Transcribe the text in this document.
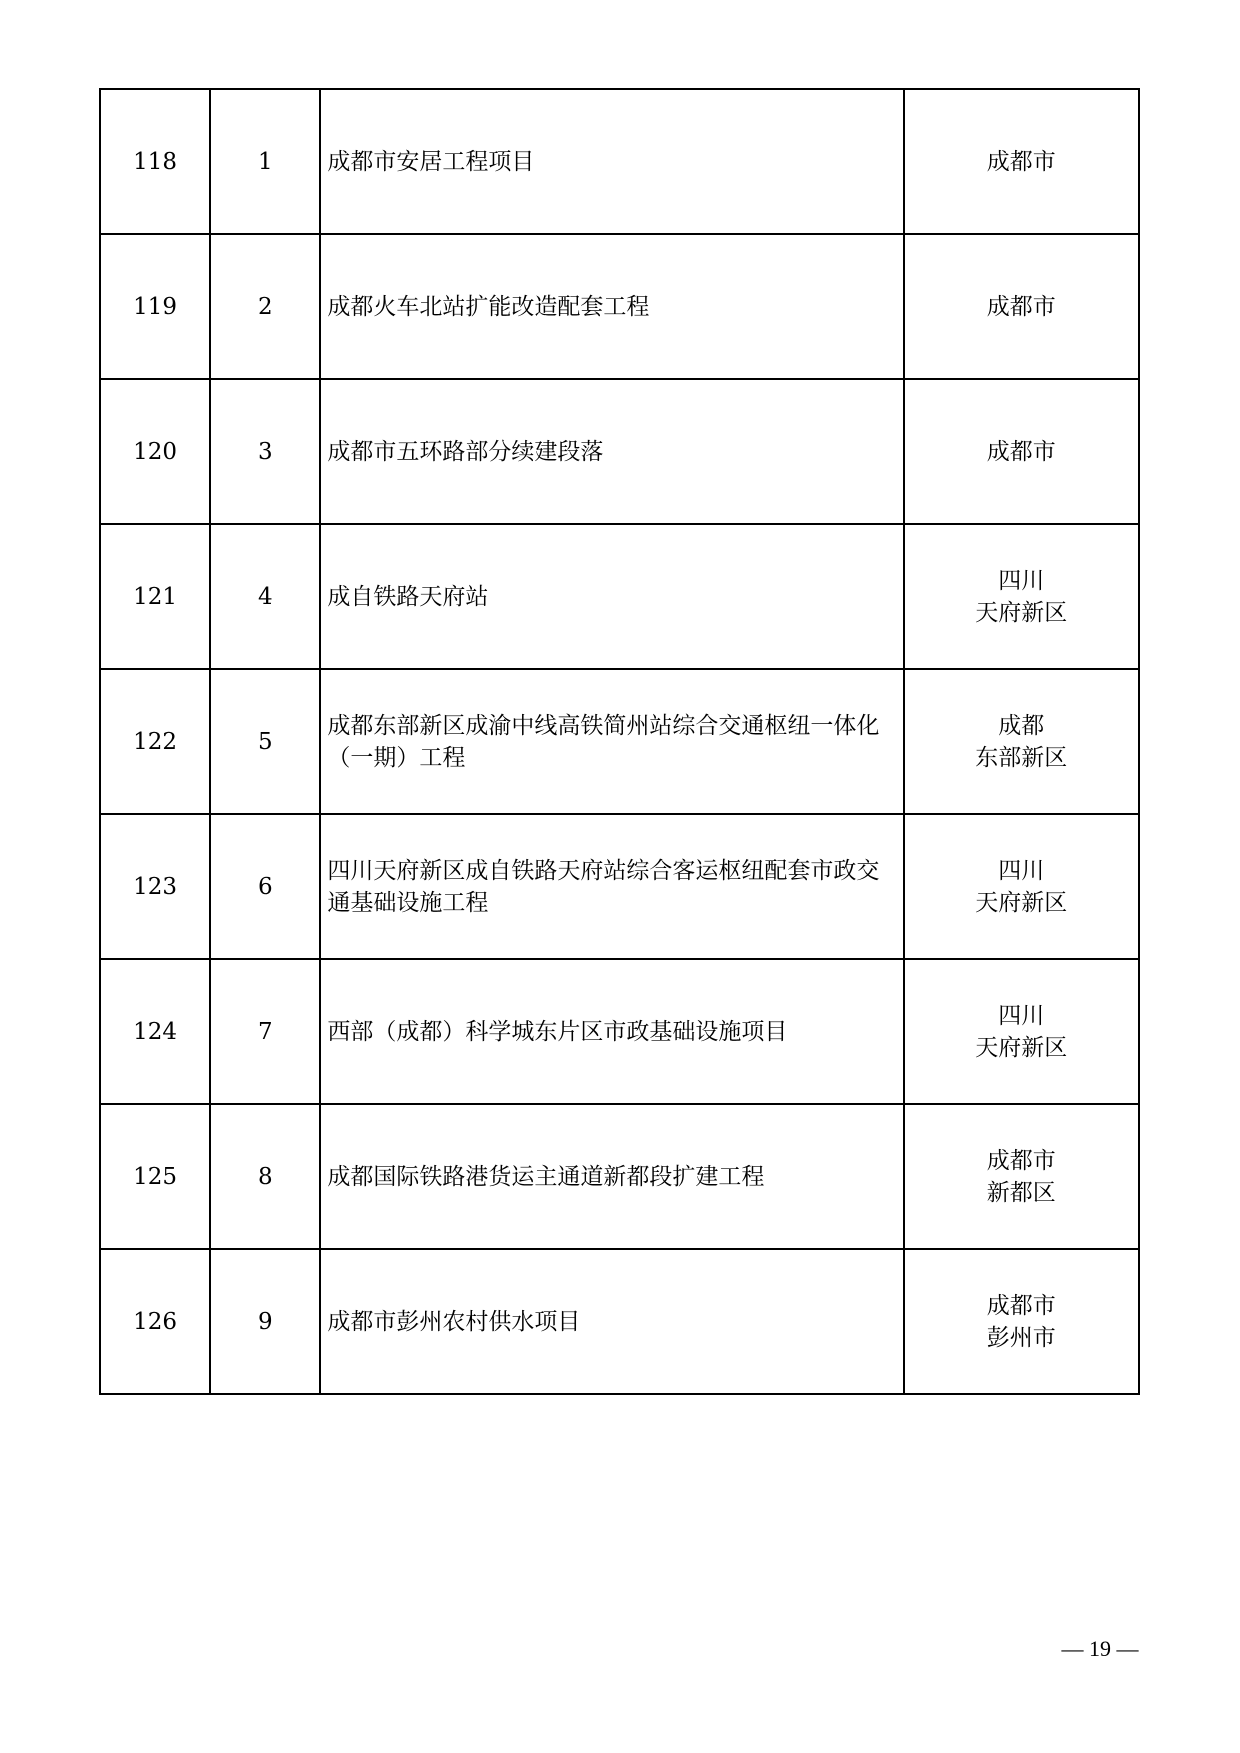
118	1	成都市安居工程项目	成都市

119	2	成都火车北站扩能改造配套工程	成都市

120	3	成都市五环路部分续建段落	成都市

121	4	成自铁路天府站	四川
天府新区

122	5	成都东部新区成渝中线高铁简州站综合交通枢纽一体化（一期）工程	成都
东部新区

123	6	四川天府新区成自铁路天府站综合客运枢纽配套市政交通基础设施工程	四川
天府新区

124	7	西部（成都）科学城东片区市政基础设施项目	四川
天府新区

125	8	成都国际铁路港货运主通道新都段扩建工程	成都市
新都区

126	9	成都市彭州农村供水项目	成都市
彭州市
— 19 —
